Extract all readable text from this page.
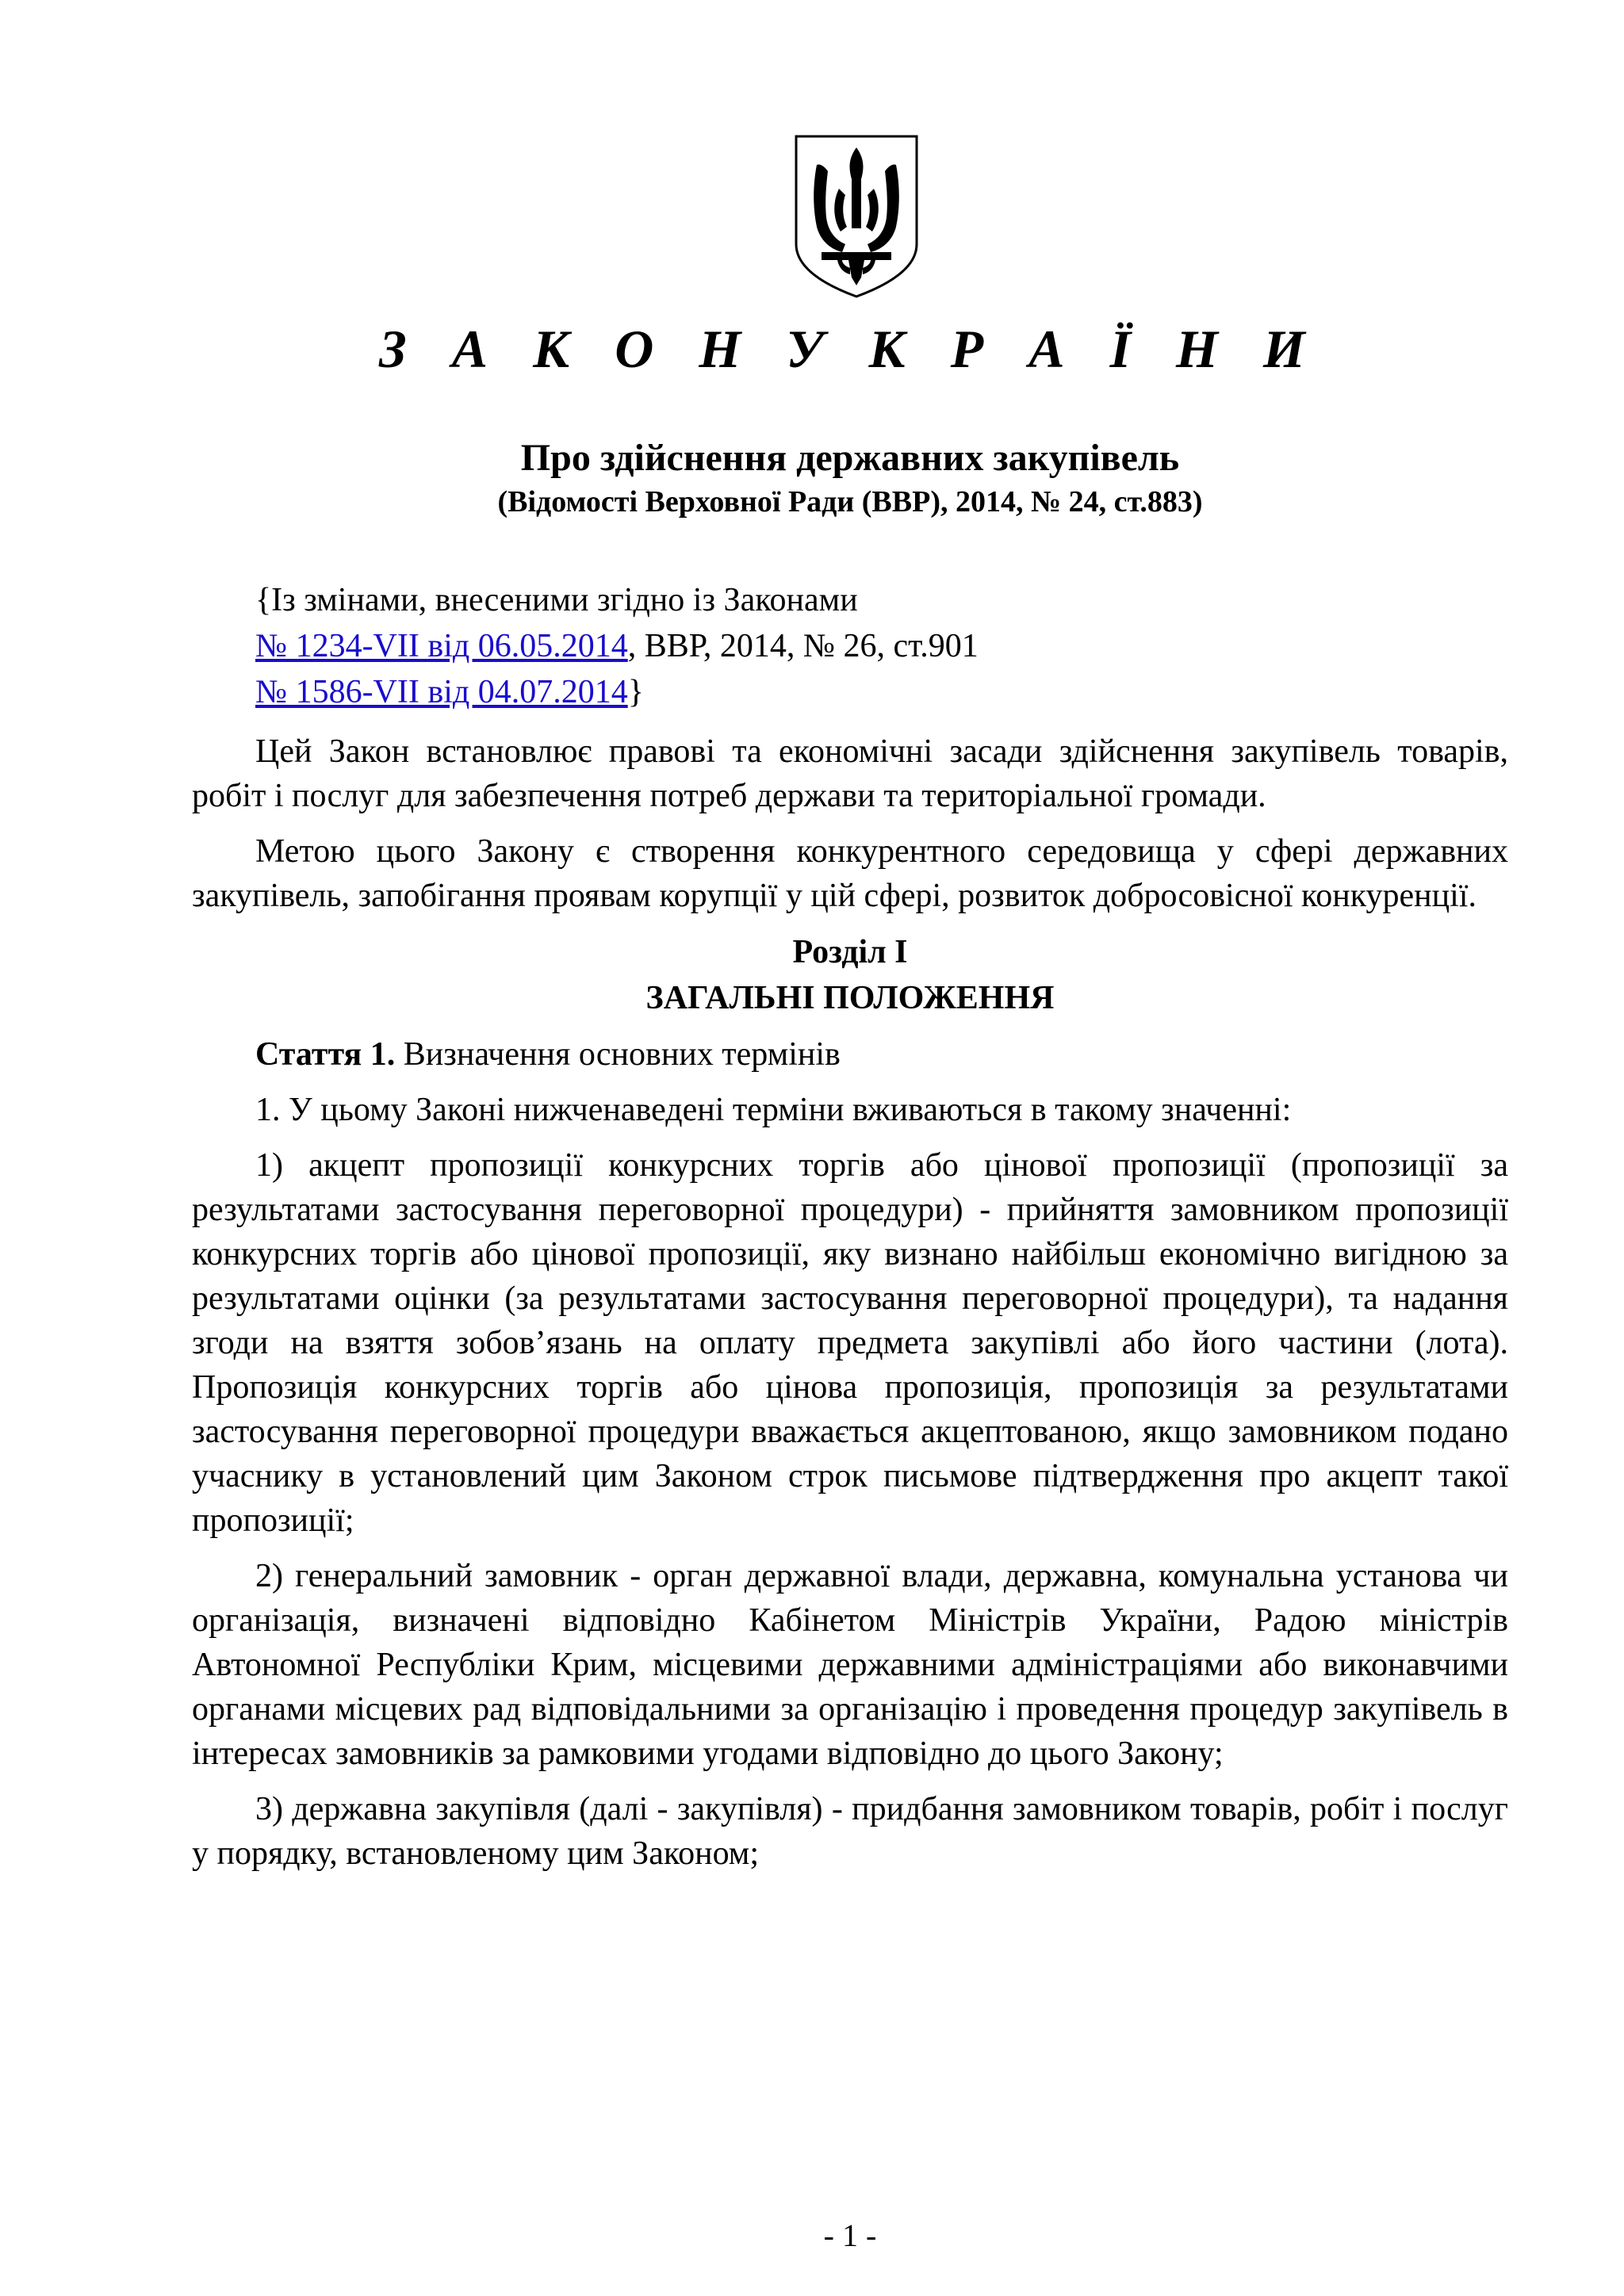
З А К О Н У К Р А Ї Н И
Про здійснення державних закупівель
(Відомості Верховної Ради (ВВР), 2014, № 24, ст.883)
{Із змінами, внесеними згідно із Законами
№ 1234-VII від 06.05.2014, ВВР, 2014, № 26, ст.901
№ 1586-VII від 04.07.2014}

Цей Закон встановлює правові та економічні засади здійснення закупівель товарів, робіт і послуг для забезпечення потреб держави та територіальної громади.

Метою цього Закону є створення конкурентного середовища у сфері державних закупівель, запобігання проявам корупції у цій сфері, розвиток добросовісної конкуренції.

Розділ I
ЗАГАЛЬНІ ПОЛОЖЕННЯ

Стаття 1. Визначення основних термінів

1. У цьому Законі нижченаведені терміни вживаються в такому значенні:

1) акцепт пропозиції конкурсних торгів або цінової пропозиції (пропозиції за результатами застосування переговорної процедури) - прийняття замовником пропозиції конкурсних торгів або цінової пропозиції, яку визнано найбільш економічно вигідною за результатами оцінки (за результатами застосування переговорної процедури), та надання згоди на взяття зобов’язань на оплату предмета закупівлі або його частини (лота). Пропозиція конкурсних торгів або цінова пропозиція, пропозиція за результатами застосування переговорної процедури вважається акцептованою, якщо замовником подано учаснику в установлений цим Законом строк письмове підтвердження про акцепт такої пропозиції;

2) генеральний замовник - орган державної влади, державна, комунальна установа чи організація, визначені відповідно Кабінетом Міністрів України, Радою міністрів Автономної Республіки Крим, місцевими державними адміністраціями або виконавчими органами місцевих рад відповідальними за організацію і проведення процедур закупівель в інтересах замовників за рамковими угодами відповідно до цього Закону;

3) державна закупівля (далі - закупівля) - придбання замовником товарів, робіт і послуг у порядку, встановленому цим Законом;

- 1 -
